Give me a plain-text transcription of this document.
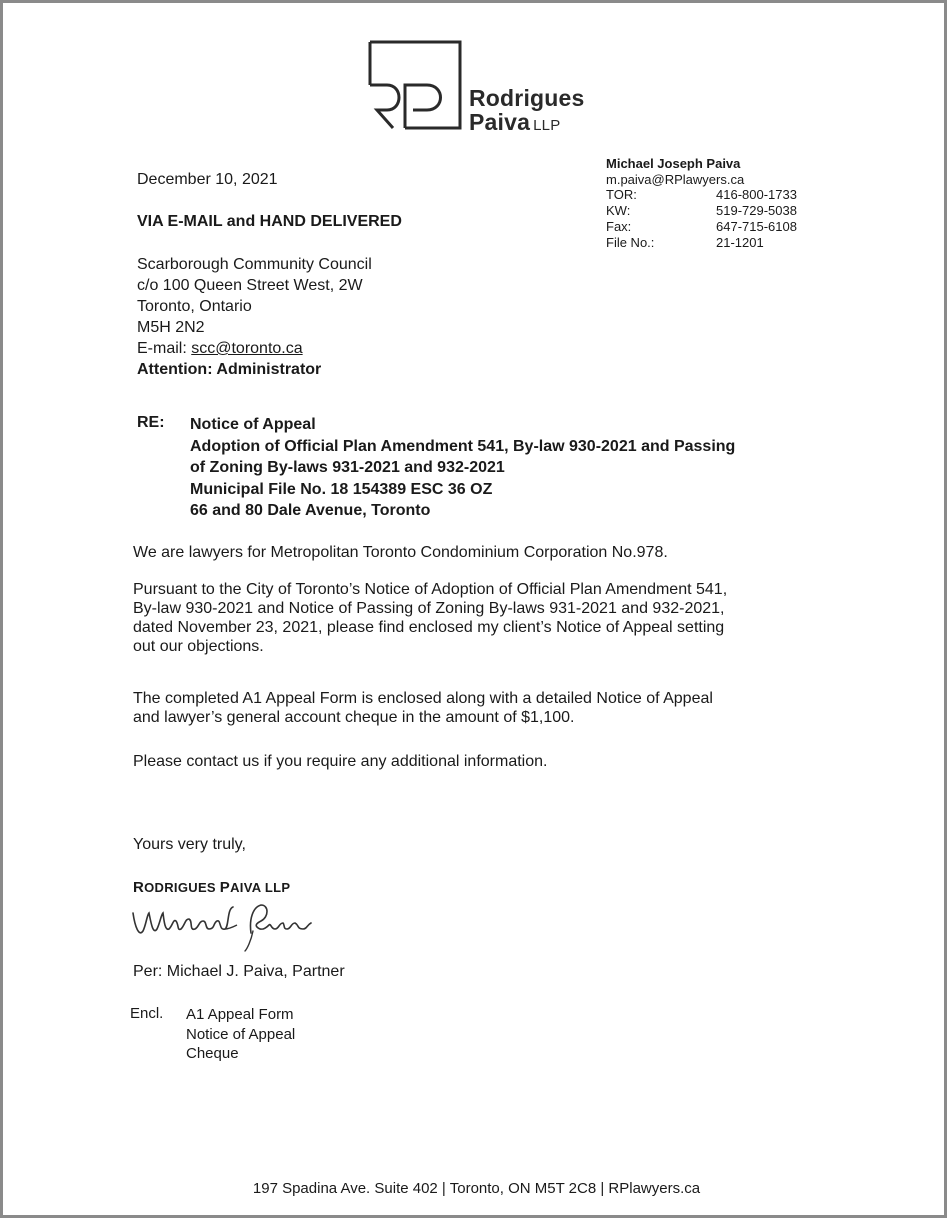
Rodrigues
Paiva LLP
Michael Joseph Paiva
m.paiva@RPlawyers.ca
TOR:	416-800-1733
KW:	519-729-5038
Fax:	647-715-6108
File No.:	21-1201
December 10, 2021
VIA E-MAIL and HAND DELIVERED
Scarborough Community Council
c/o 100 Queen Street West, 2W
Toronto, Ontario
M5H 2N2
E-mail: scc@toronto.ca
Attention: Administrator
RE: Notice of Appeal
Adoption of Official Plan Amendment 541, By-law 930-2021 and Passing
of Zoning By-laws 931-2021 and 932-2021
Municipal File No. 18 154389 ESC 36 OZ
66 and 80 Dale Avenue, Toronto
We are lawyers for Metropolitan Toronto Condominium Corporation No.978.
Pursuant to the City of Toronto’s Notice of Adoption of Official Plan Amendment 541,
By-law 930-2021 and Notice of Passing of Zoning By-laws 931-2021 and 932-2021,
dated November 23, 2021, please find enclosed my client’s Notice of Appeal setting
out our objections.
The completed A1 Appeal Form is enclosed along with a detailed Notice of Appeal
and lawyer’s general account cheque in the amount of $1,100.
Please contact us if you require any additional information.
Yours very truly,
RODRIGUES PAIVA LLP
Per: Michael J. Paiva, Partner
Encl. A1 Appeal Form
Notice of Appeal
Cheque
197 Spadina Ave. Suite 402 | Toronto, ON M5T 2C8 | RPlawyers.ca
